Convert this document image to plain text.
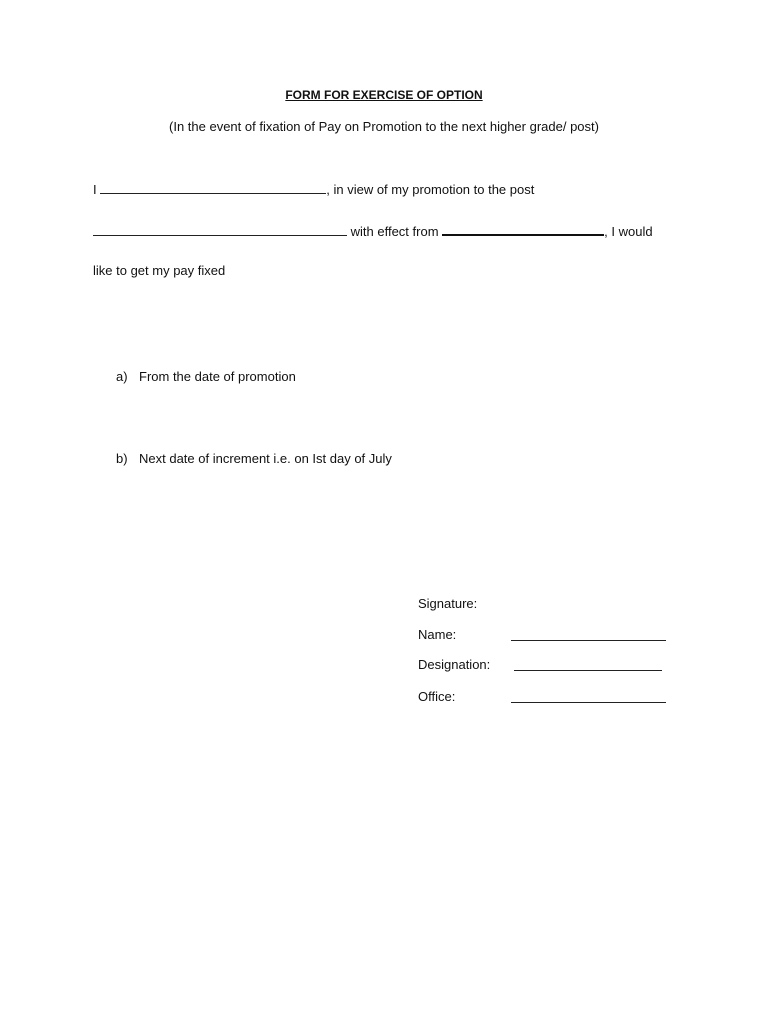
FORM FOR EXERCISE OF OPTION
(In the event of fixation of Pay on Promotion to the next higher grade/ post)
I	, in view of my promotion to the post
with effect from	, I would
like to get my pay fixed
a) From the date of promotion
b) Next date of increment i.e. on Ist day of July
Signature:
Name:
Designation:
Office:
